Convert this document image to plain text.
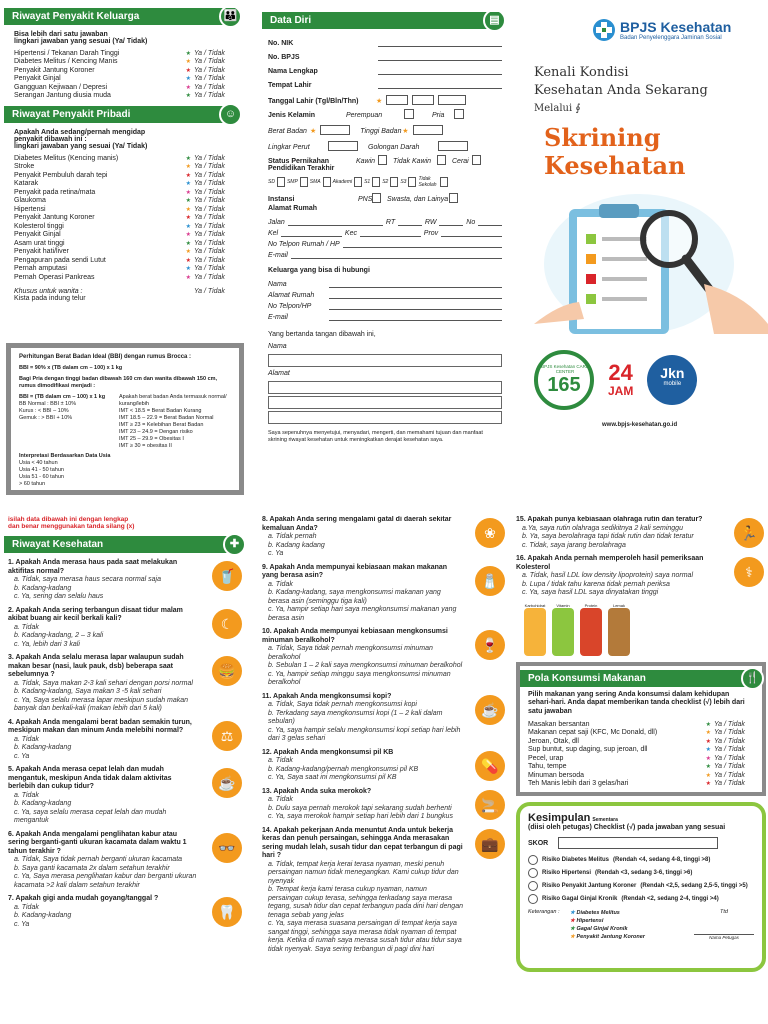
Riwayat Penyakit Keluarga	👪
Bisa lebih dari satu jawaban
lingkari jawaban yang sesuai (Ya/ Tidak)
Hipertensi / Tekanan Darah Tinggi	★ Ya / Tidak
Diabetes Melitus / Kencing Manis	★ Ya / Tidak
Penyakit Jantung Koroner	★ Ya / Tidak
Penyakit Ginjal	★ Ya / Tidak
Gangguan Kejiwaan / Depresi	★ Ya / Tidak
Serangan Jantung diusia muda	★ Ya / Tidak
Riwayat Penyakit Pribadi	☺
Apakah Anda sedang/pernah mengidap
penyakit dibawah ini :
lingkari jawaban yang sesuai (Ya/ Tidak)
Diabetes Melitus (Kencing manis)	★ Ya / Tidak
Stroke	★ Ya / Tidak
Penyakit Pembuluh darah tepi	★ Ya / Tidak
Katarak	★ Ya / Tidak
Penyakit pada retina/mata	★ Ya / Tidak
Glaukoma	★ Ya / Tidak
Hipertensi	★ Ya / Tidak
Penyakit Jantung Koroner	★ Ya / Tidak
Kolesterol tinggi	★ Ya / Tidak
Penyakit Ginjal	★ Ya / Tidak
Asam urat tinggi	★ Ya / Tidak
Penyakit hati/liver	★ Ya / Tidak
Pengapuran pada sendi Lutut	★ Ya / Tidak
Pernah amputasi	★ Ya / Tidak
Pernah Operasi Pankreas	★ Ya / Tidak
Khusus untuk wanita :	Ya / Tidak
Kista pada indung telur
Perhitungan Berat Badan Ideal (BBI) dengan rumus Brocca :
BBI = 90% x (TB dalam cm – 100) x 1 kg
Bagi Pria dengan tinggi badan dibawah 160 cm dan wanita dibawah 150 cm, rumus dimodifikasi menjadi :
BBI = (TB dalam cm – 100) x 1 kg
BB Normal : BBI ± 10%
Kurus : < BBI – 10%
Gemuk : > BBI + 10%
Apakah berat badan Anda termasuk normal/ kurang/lebih
IMT < 18.5 = Berat Badan Kurang
IMT 18.5 – 22.9 = Berat Badan Normal
IMT ≥ 23 = Kelebihan Berat Badan
IMT 23 – 24.9 = Dengan risiko
IMT 25 – 29.9 = Obesitas I
IMT ≥ 30 = obesitas II
Interpretasi Berdasarkan Data Usia
Usia < 40 tahun
Usia 41 - 50 tahun
Usia 51 - 60 tahun
> 60 tahun
Data Diri	▤
No. NIK
No. BPJS
Nama Lengkap
Tempat Lahir
Tanggal Lahir (Tgl/Bln/Thn)	★
Jenis Kelamin	Perempuan	Pria
Berat Badan ★	Tinggi Badan ★
Lingkar Perut	Golongan Darah
Status Pernikahan	Kawin	Tidak Kawin	Cerai
Pendidikan Terakhir
SD SMP SMA Akademi S1 S2 S3 Tidak Sekolah
Instansi	PNS Swasta, dan Lainya
Alamat Rumah
Jalan	RT	RW	No
Kel	Kec	Prov
No Telpon Rumah / HP
E-mail
Keluarga yang bisa di hubungi
Nama
Alamat Rumah
No Telpon/HP
E-mail
Yang bertanda tangan dibawah ini,
Nama
Alamat
Saya sepenuhnya menyetujui, menyadari, mengerti, dan memahami tujuan dan manfaat skrining riwayat kesehatan untuk meningkatkan derajat kesehatan saya.
BPJS Kesehatan
Badan Penyelenggara Jaminan Sosial
Kenali Kondisi
Kesehatan Anda Sekarang
Melalui ∮
Skrining
Kesehatan
BPJS Kesehatan CARE CENTER
165	24
JAM
Jkn
mobile
www.bpjs-kesehatan.go.id
isilah data dibawah ini dengan lengkap
dan benar menggunakan tanda silang (x)
Riwayat Kesehatan	✚
1. Apakah Anda merasa haus pada saat melakukan aktifitas normal?
a. Tidak, saya merasa haus secara normal saja
b. Kadang-kadang
c. Ya, sering dan selalu haus
🥤
2. Apakah Anda sering terbangun disaat tidur malam akibat buang air kecil berkali kali?
a. Tidak
b. Kadang-kadang, 2 – 3 kali
c. Ya, lebih dari 3 kali
☾
3. Apakah Anda selalu merasa lapar walaupun sudah makan besar (nasi, lauk pauk, dsb) beberapa saat sebelumnya ?
a. Tidak, Saya makan 2-3 kali sehari dengan porsi normal
b. Kadang-kadang, Saya makan 3 -5 kali sehari
c. Ya, Saya selalu merasa lapar meskipun sudah makan banyak dan berkali-kali (makan lebih dari 5 kali)
🍔
4. Apakah Anda mengalami berat badan semakin turun, meskipun makan dan minum Anda melebihi normal?
a. Tidak
b. Kadang-kadang
c. Ya
⚖
5. Apakah Anda merasa cepat lelah dan mudah mengantuk, meskipun Anda tidak dalam aktivitas berlebih dan cukup tidur?
a. Tidak
b. Kadang-kadang
c. Ya, saya selalu merasa cepat lelah dan mudah mengantuk
☕
6. Apakah Anda mengalami penglihatan kabur atau sering berganti-ganti ukuran kacamata dalam waktu 1 tahun terakhir ?
a. Tidak, Saya tidak pernah berganti ukuran kacamata
b. Saya ganti kacamata 2x dalam setahun terakhir
c. Ya, Saya merasa penglihatan kabur dan berganti ukuran kacamata >2 kali dalam setahun terakhir
👓
7. Apakah gigi anda mudah goyang/tanggal ?
a. Tidak
b. Kadang-kadang
c. Ya
🦷
8. Apakah Anda sering mengalami gatal di daerah sekitar kemaluan Anda?
a. Tidak pernah
b. Kadang kadang
c. Ya
❀
9. Apakah Anda mempunyai kebiasaan makan makanan yang berasa asin?
a. Tidak
b. Kadang-kadang, saya mengkonsumsi makanan yang berasa asin (seminggu tiga kali)
c. Ya, hampir setiap hari saya mengkonsumsi makanan yang berasa asin
🧂
10. Apakah Anda mempunyai kebiasaan mengkonsumsi minuman beralkohol?
a. Tidak, Saya tidak pernah mengkonsumsi minuman beralkohol
b. Sebulan 1 – 2 kali saya mengkonsumsi minuman beralkohol
c. Ya, hampir setiap minggu saya mengkonsumsi minuman beralkohol
🍷
11. Apakah Anda mengkonsumsi kopi?
a. Tidak, Saya tidak pernah mengkonsumsi kopi
b. Terkadang saya mengkonsumsi kopi (1 – 2 kali dalam sebulan)
c. Ya, saya hampir selalu mengkonsumsi kopi setiap hari lebih dari 3 gelas sehari
☕
12. Apakah Anda mengkonsumsi pil KB
a. Tidak
b. Kadang-kadang/pernah mengkonsumsi pil KB
c. Ya, Saya saat ini mengkonsumsi pil KB
💊
13. Apakah Anda suka merokok?
a. Tidak
b. Dulu saya pernah merokok tapi sekarang sudah berhenti
c. Ya, saya merokok hampir setiap hari lebih dari 1 bungkus
🚬
14. Apakah pekerjaan Anda menuntut Anda untuk bekerja keras dan penuh persaingan, sehingga Anda merasakan sering mudah lelah, susah tidur dan cepat terbangun di pagi hari ?
a. Tidak, tempat kerja kerai terasa nyaman, meski penuh persaingan namun tidak menegangkan. Kami cukup tidur dan nyenyak
b. Tempat kerja kami terasa cukup nyaman, namun persaingan cukup terasa, sehingga terkadang saya merasa tegang, susah tidur dan cepat terbangun pada dini hari dengan tenaga sebab yang jelas
c. Ya, saya merasa suasana persaingan di tempat kerja saya sangat tinggi, sehingga saya merasa tidak nyaman di tempat kerja. Ketika di rumah saya merasa susah tidur atau tidur saya tidak nyenyak. Saya sering terbangun di pagi dini hari
💼
15. Apakah punya kebiasaan olahraga rutin dan teratur?
a.Ya, saya rutin olahraga sedikitnya 2 kali seminggu
b. Ya, saya berolahraga tapi tidak rutin dan tidak teratur
c. Tidak, saya jarang berolahraga
🏃
16. Apakah Anda pernah memperoleh hasil pemeriksaan Kolesterol
a. Tidak, hasil LDL low density lipoprotein) saya normal
b. Lupa / tidak tahu karena tidak pernah periksa
c. Ya, saya hasil LDL saya dinyatakan tinggi
⚕
Karbohidrat	Vitamin	Protein	Lemak
Pola Konsumsi Makanan	🍴
Pilih makanan yang sering Anda konsumsi dalam kehidupan sehari-hari. Anda dapat memberikan tanda checklist (√) lebih dari satu jawaban
Masakan bersantan	★ Ya / Tidak
Makanan cepat saji (KFC, Mc Donald, dll)	★ Ya / Tidak
Jeroan, Otak, dll	★ Ya / Tidak
Sup buntut, sup daging, sup jeroan, dll	★ Ya / Tidak
Pecel, urap	★ Ya / Tidak
Tahu, tempe	★ Ya / Tidak
Minuman bersoda	★ Ya / Tidak
Teh Manis lebih dari 3 gelas/hari	★ Ya / Tidak
Kesimpulan Sementara
(diisi oleh petugas) Checklist (√) pada jawaban yang sesuai
SKOR
Risiko Diabetes Melitus (Rendah <4, sedang 4-8, tinggi >8)
Risiko Hipertensi (Rendah <3, sedang 3-6, tinggi >6)
Risiko Penyakit Jantung Koroner (Rendah <2,5, sedang 2,5-5, tinggi >5)
Risiko Gagal Ginjal Kronik (Rendah <2, sedang 2-4, tinggi >4)
Keterangan :	★ Diabetes Melitus
★ Hipertensi
★ Gagal Ginjal Kronik
★ Penyakit Jantung Koroner
Ttd
Nama Petugas
